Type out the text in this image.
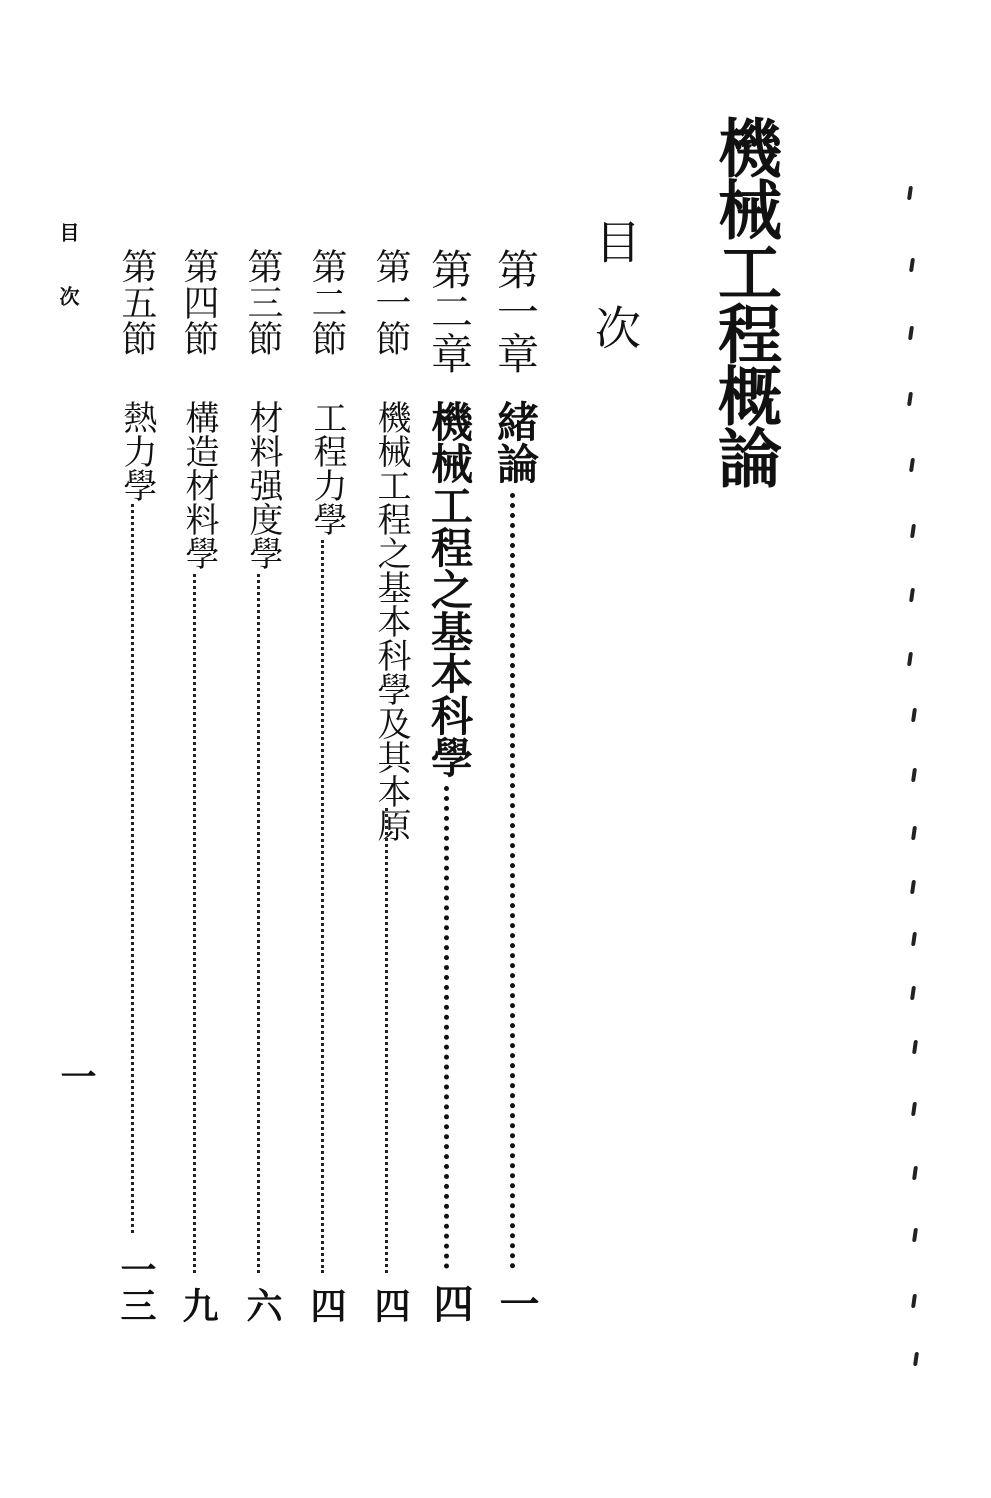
機械工程概論
目次
第一章
緒論
一
第二章
機械工程之基本科學
四
第一節
機械工程之基本科學及其本原
四
第二節
工程力學
四
第三節
材料强度學
六
第四節
構造材料學
九
第五節
熱力學
一三
目次
一
